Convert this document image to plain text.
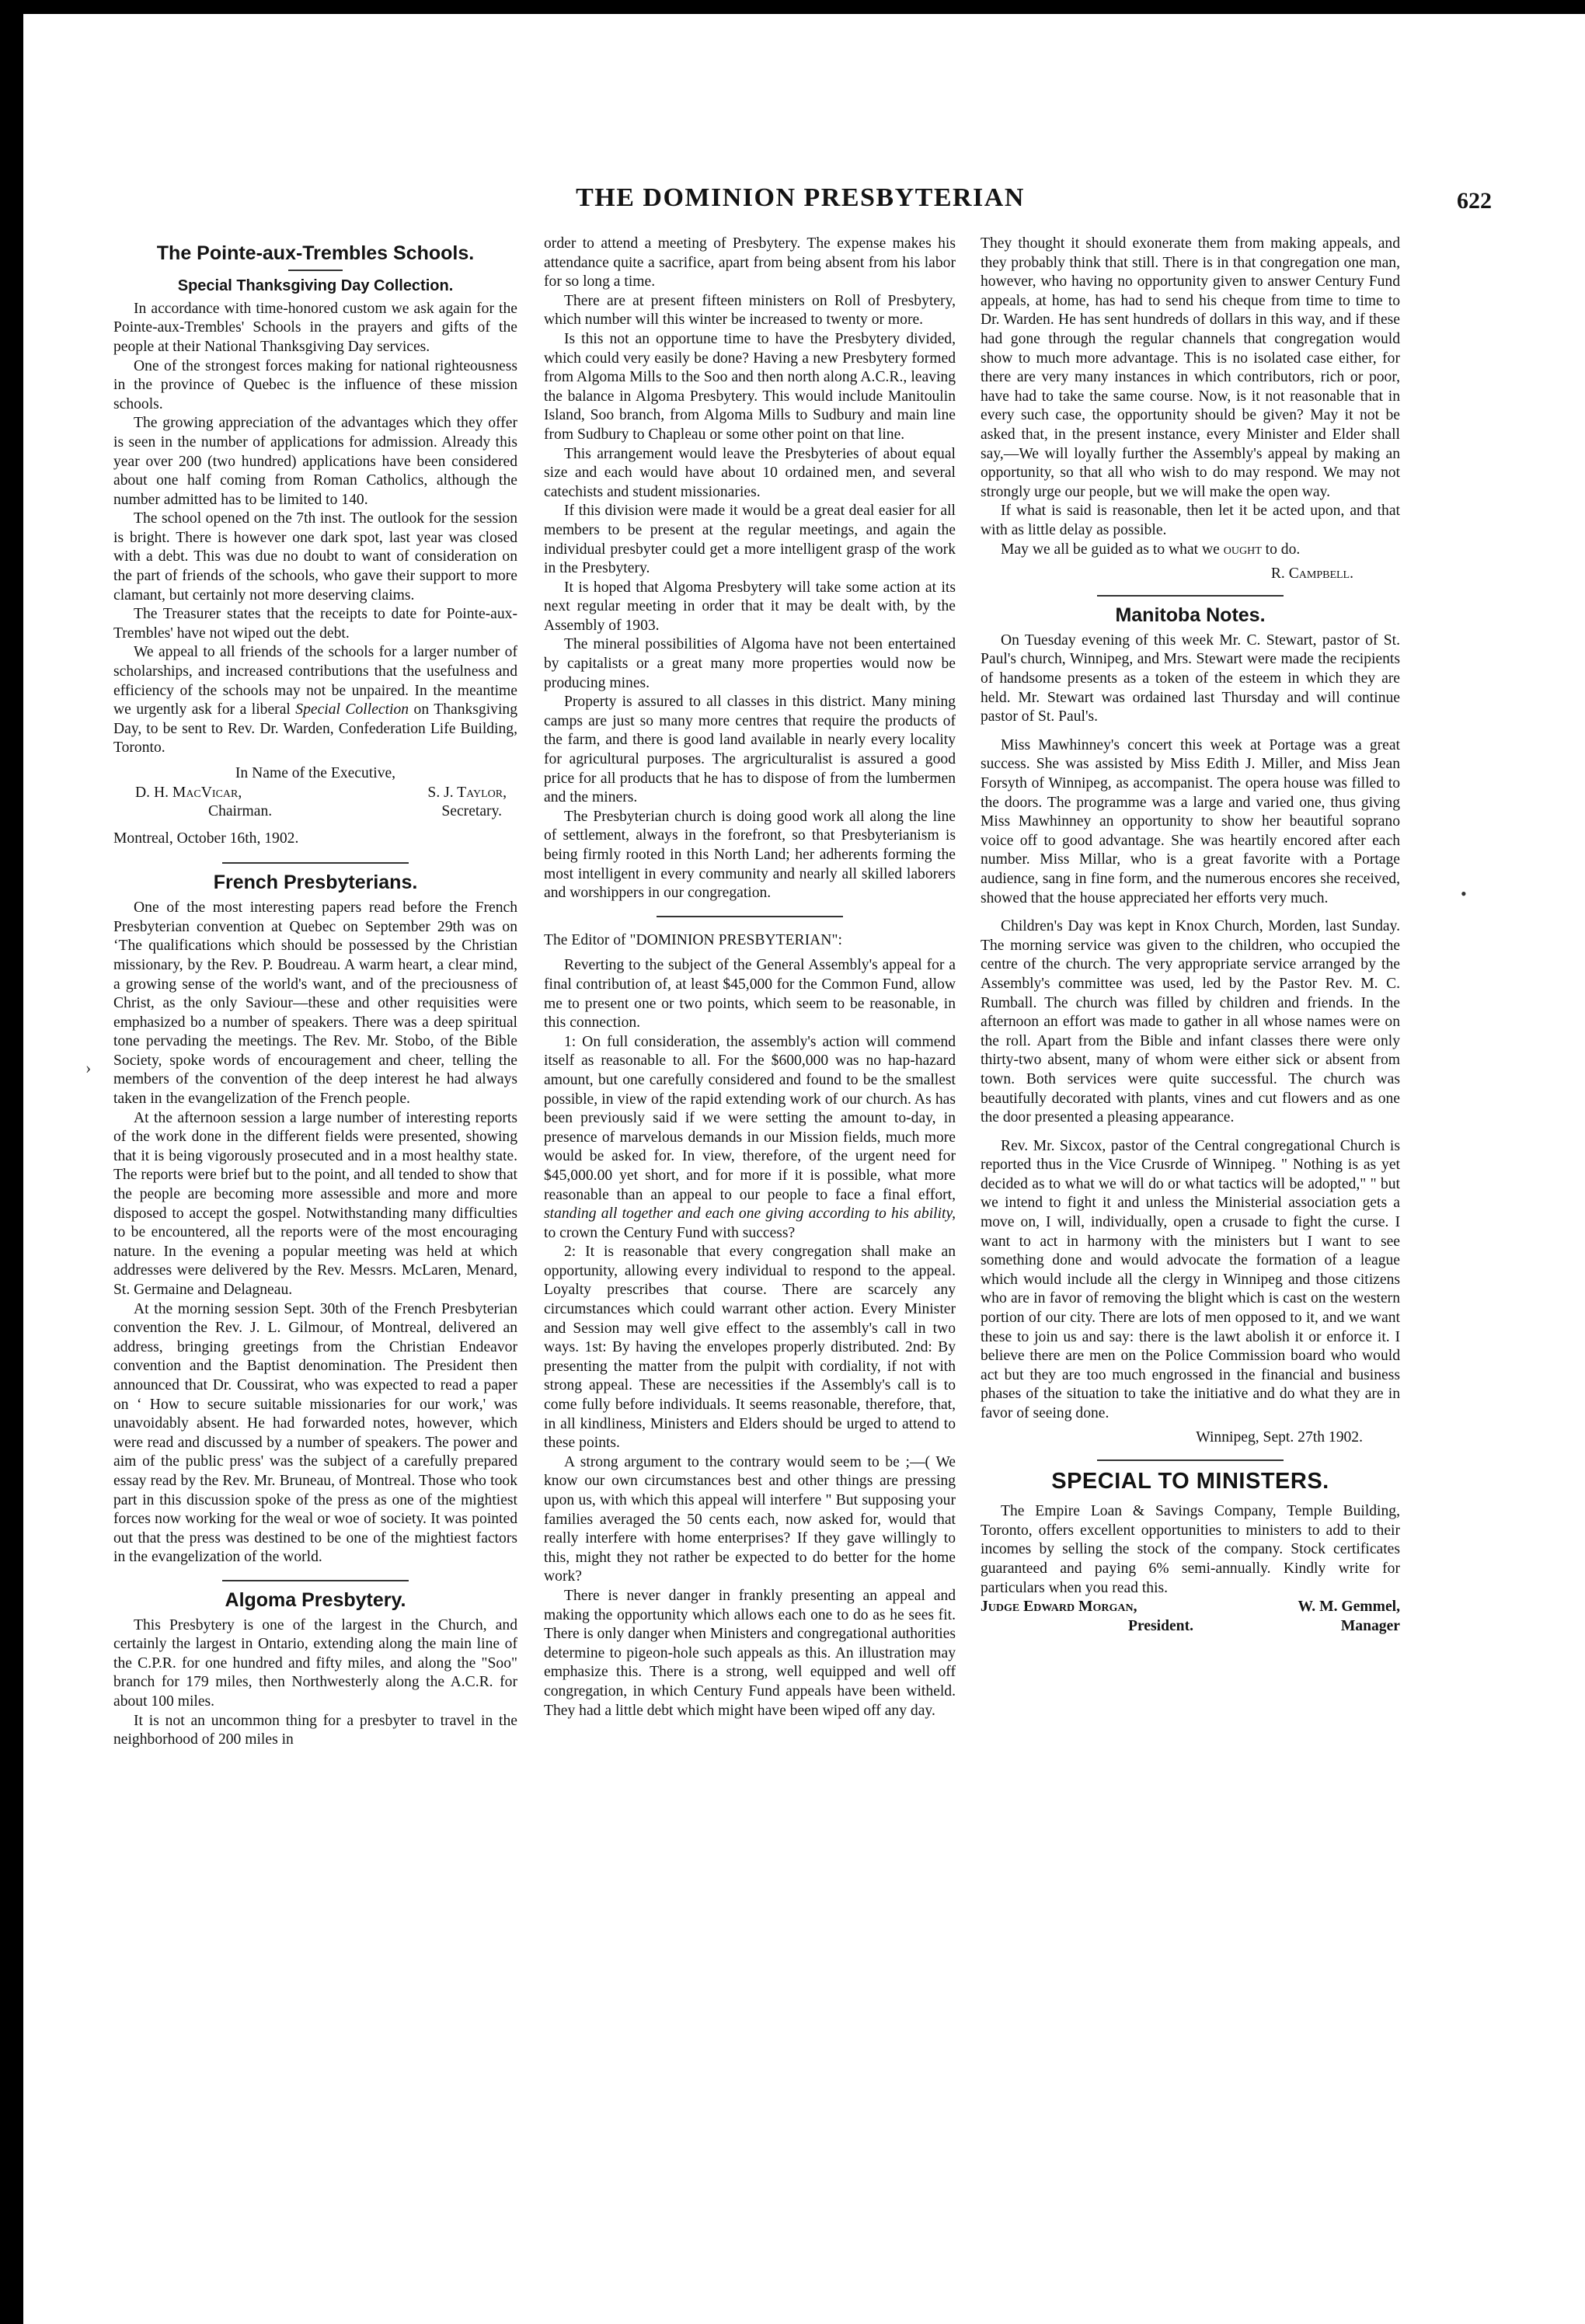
THE DOMINION PRESBYTERIAN	622
The Pointe-aux-Trembles Schools.
Special Thanksgiving Day Collection.

In accordance with time-honored custom we ask again for the Pointe-aux-Trembles' Schools in the prayers and gifts of the people at their National Thanksgiving Day services.

One of the strongest forces making for national righteousness in the province of Quebec is the influence of these mission schools.

The growing appreciation of the advantages which they offer is seen in the number of applications for admission. Already this year over 200 (two hundred) applications have been considered about one half coming from Roman Catholics, although the number admitted has to be limited to 140.

The school opened on the 7th inst. The outlook for the session is bright. There is however one dark spot, last year was closed with a debt. This was due no doubt to want of consideration on the part of friends of the schools, who gave their support to more clamant, but certainly not more deserving claims.

The Treasurer states that the receipts to date for Pointe-aux-Trembles' have not wiped out the debt.

We appeal to all friends of the schools for a larger number of scholarships, and increased contributions that the usefulness and efficiency of the schools may not be unpaired. In the meantime we urgently ask for a liberal Special Collection on Thanksgiving Day, to be sent to Rev. Dr. Warden, Confederation Life Building, Toronto.

In Name of the Executive,
D. H. MacVicar,	S. J. Taylor,
Chairman.	Secretary.
Montreal, October 16th, 1902.
French Presbyterians.

One of the most interesting papers read before the French Presbyterian convention at Quebec on September 29th was on ‘The qualifications which should be possessed by the Christian missionary, by the Rev. P. Boudreau. A warm heart, a clear mind, a growing sense of the world's want, and of the preciousness of Christ, as the only Saviour—these and other requisities were emphasized bo a number of speakers. There was a deep spiritual tone pervading the meetings. The Rev. Mr. Stobo, of the Bible Society, spoke words of encouragement and cheer, telling the members of the convention of the deep interest he had always taken in the evangelization of the French people.

At the afternoon session a large number of interesting reports of the work done in the different fields were presented, showing that it is being vigorously prosecuted and in a most healthy state. The reports were brief but to the point, and all tended to show that the people are becoming more assessible and more and more disposed to accept the gospel. Notwithstanding many difficulties to be encountered, all the reports were of the most encouraging nature. In the evening a popular meeting was held at which addresses were delivered by the Rev. Messrs. McLaren, Menard, St. Germaine and Delagneau.

At the morning session Sept. 30th of the French Presbyterian convention the Rev. J. L. Gilmour, of Montreal, delivered an address, bringing greetings from the Christian Endeavor convention and the Baptist denomination. The President then announced that Dr. Coussirat, who was expected to read a paper on ‘ How to secure suitable missionaries for our work,' was unavoidably absent. He had forwarded notes, however, which were read and discussed by a number of speakers. The power and aim of the public press' was the subject of a carefully prepared essay read by the Rev. Mr. Bruneau, of Montreal. Those who took part in this discussion spoke of the press as one of the mightiest forces now working for the weal or woe of society. It was pointed out that the press was destined to be one of the mightiest factors in the evangelization of the world.

Algoma Presbytery.

This Presbytery is one of the largest in the Church, and certainly the largest in Ontario, extending along the main line of the C.P.R. for one hundred and fifty miles, and along the "Soo" branch for 179 miles, then Northwesterly along the A.C.R. for about 100 miles.

It is not an uncommon thing for a presbyter to travel in the neighborhood of 200 miles in

order to attend a meeting of Presbytery. The expense makes his attendance quite a sacrifice, apart from being absent from his labor for so long a time.

There are at present fifteen ministers on Roll of Presbytery, which number will this winter be increased to twenty or more.

Is this not an opportune time to have the Presbytery divided, which could very easily be done? Having a new Presbytery formed from Algoma Mills to the Soo and then north along A.C.R., leaving the balance in Algoma Presbytery. This would include Manitoulin Island, Soo branch, from Algoma Mills to Sudbury and main line from Sudbury to Chapleau or some other point on that line.

This arrangement would leave the Presbyteries of about equal size and each would have about 10 ordained men, and several catechists and student missionaries.

If this division were made it would be a great deal easier for all members to be present at the regular meetings, and again the individual presbyter could get a more intelligent grasp of the work in the Presbytery.

It is hoped that Algoma Presbytery will take some action at its next regular meeting in order that it may be dealt with, by the Assembly of 1903.

The mineral possibilities of Algoma have not been entertained by capitalists or a great many more properties would now be producing mines.

Property is assured to all classes in this district. Many mining camps are just so many more centres that require the products of the farm, and there is good land available in nearly every locality for agricultural purposes. The argriculturalist is assured a good price for all products that he has to dispose of from the lumbermen and the miners.

The Presbyterian church is doing good work all along the line of settlement, always in the forefront, so that Presbyterianism is being firmly rooted in this North Land; her adherents forming the most intelligent in every community and nearly all skilled laborers and worshippers in our congregation.

The Editor of "DOMINION PRESBYTERIAN":

Reverting to the subject of the General Assembly's appeal for a final contribution of, at least $45,000 for the Common Fund, allow me to present one or two points, which seem to be reasonable, in this connection.

1: On full consideration, the assembly's action will commend itself as reasonable to all. For the $600,000 was no hap-hazard amount, but one carefully considered and found to be the smallest possible, in view of the rapid extending work of our church. As has been previously said if we were setting the amount to-day, in presence of marvelous demands in our Mission fields, much more would be asked for. In view, therefore, of the urgent need for $45,000.00 yet short, and for more if it is possible, what more reasonable than an appeal to our people to face a final effort, standing all together and each one giving according to his ability, to crown the Century Fund with success?

2: It is reasonable that every congregation shall make an opportunity, allowing every individual to respond to the appeal. Loyalty prescribes that course. There are scarcely any circumstances which could warrant other action. Every Minister and Session may well give effect to the assembly's call in two ways. 1st: By having the envelopes properly distributed. 2nd: By presenting the matter from the pulpit with cordiality, if not with strong appeal. These are necessities if the Assembly's call is to come fully before individuals. It seems reasonable, therefore, that, in all kindliness, Ministers and Elders should be urged to attend to these points.

A strong argument to the contrary would seem to be ;—( We know our own circumstances best and other things are pressing upon us, with which this appeal will interfere " But supposing your families averaged the 50 cents each, now asked for, would that really interfere with home enterprises? If they gave willingly to this, might they not rather be expected to do better for the home work?

There is never danger in frankly presenting an appeal and making the opportunity which allows each one to do as he sees fit. There is only danger when Ministers and congregational authorities determine to pigeon-hole such appeals as this. An illustration may emphasize this. There is a strong, well equipped and well off congregation, in which Century Fund appeals have been witheld. They had a little debt which might have been wiped off any day.

They thought it should exonerate them from making appeals, and they probably think that still. There is in that congregation one man, however, who having no opportunity given to answer Century Fund appeals, at home, has had to send his cheque from time to time to Dr. Warden. He has sent hundreds of dollars in this way, and if these had gone through the regular channels that congregation would show to much more advantage. This is no isolated case either, for there are very many instances in which contributors, rich or poor, have had to take the same course. Now, is it not reasonable that in every such case, the opportunity should be given? May it not be asked that, in the present instance, every Minister and Elder shall say,—We will loyally further the Assembly's appeal by making an opportunity, so that all who wish to do may respond. We may not strongly urge our people, but we will make the open way.

If what is said is reasonable, then let it be acted upon, and that with as little delay as possible.

May we all be guided as to what we ought to do.

R. Campbell.
Manitoba Notes.

On Tuesday evening of this week Mr. C. Stewart, pastor of St. Paul's church, Winnipeg, and Mrs. Stewart were made the recipients of handsome presents as a token of the esteem in which they are held. Mr. Stewart was ordained last Thursday and will continue pastor of St. Paul's.

Miss Mawhinney's concert this week at Portage was a great success. She was assisted by Miss Edith J. Miller, and Miss Jean Forsyth of Winnipeg, as accompanist. The opera house was filled to the doors. The programme was a large and varied one, thus giving Miss Mawhinney an opportunity to show her beautiful soprano voice off to good advantage. She was heartily encored after each number. Miss Millar, who is a great favorite with a Portage audience, sang in fine form, and the numerous encores she received, showed that the house appreciated her efforts very much.

Children's Day was kept in Knox Church, Morden, last Sunday. The morning service was given to the children, who occupied the centre of the church. The very appropriate service arranged by the Assembly's committee was used, led by the Pastor Rev. M. C. Rumball. The church was filled by children and friends. In the afternoon an effort was made to gather in all whose names were on the roll. Apart from the Bible and infant classes there were only thirty-two absent, many of whom were either sick or absent from town. Both services were quite successful. The church was beautifully decorated with plants, vines and cut flowers and as one the door presented a pleasing appearance.

Rev. Mr. Sixcox, pastor of the Central congregational Church is reported thus in the Vice Crusrde of Winnipeg. " Nothing is as yet decided as to what we will do or what tactics will be adopted," " but we intend to fight it and unless the Ministerial association gets a move on, I will, individually, open a crusade to fight the curse. I want to act in harmony with the ministers but I want to see something done and would advocate the formation of a league which would include all the clergy in Winnipeg and those citizens who are in favor of removing the blight which is cast on the western portion of our city. There are lots of men opposed to it, and we want these to join us and say: there is the lawt abolish it or enforce it. I believe there are men on the Police Commission board who would act but they are too much engrossed in the financial and business phases of the situation to take the initiative and do what they are in favor of seeing done.

Winnipeg, Sept. 27th 1902.
SPECIAL TO MINISTERS.

The Empire Loan & Savings Company, Temple Building, Toronto, offers excellent opportunities to ministers to add to their incomes by selling the stock of the company. Stock certificates guaranteed and paying 6% semi-annually. Kindly write for particulars when you read this.

Judge Edward Morgan,	W. M. Gemmel,
President.	Manager
›
•
